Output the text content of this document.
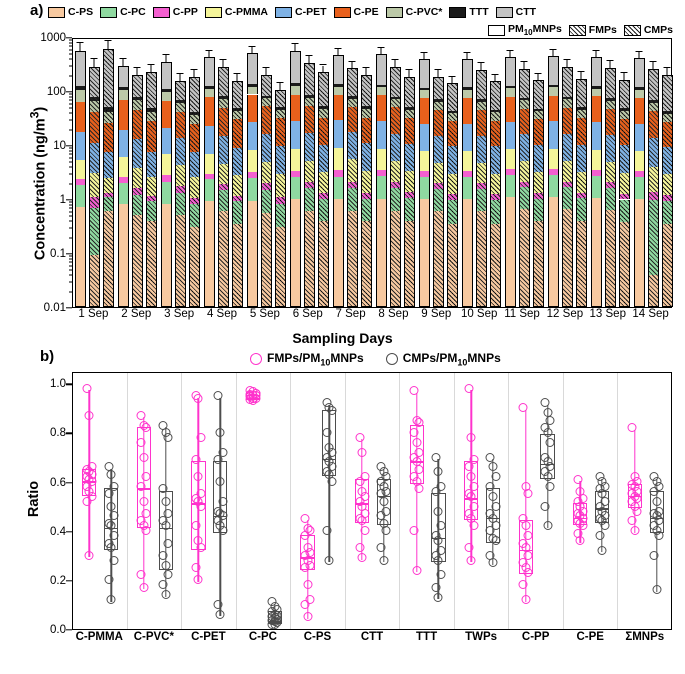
a) C-PS	C-PC	C-PP	C-PMMA	C-PET	C-PE	C-PVC*	TTT	CTT
$PM_{10}MNPs$	FMPs	CMPs
Concentration $(ng/m^3)$
1000
100
10
1
0.1
0.01	1 Sep	2 Sep	3 Sep	4 Sep	5 Sep	6 Sep	7 Sep	8 Sep	9 Sep 10 Sep 11 Sep 12 Sep 13 Sep 14 Sep
Sampling Days
b)	FMPs/$PM_{10}MNPs$	CMPs/$PM_{10}MNPs$
Ratio
0.0
0.2
0.4
0.6
0.8
1.0
C-PMMA C-PVC*	C-PET	C-PC	C-PS	CTT	TTT	TWPs	C-PP	C-PE	ΣMNPs
